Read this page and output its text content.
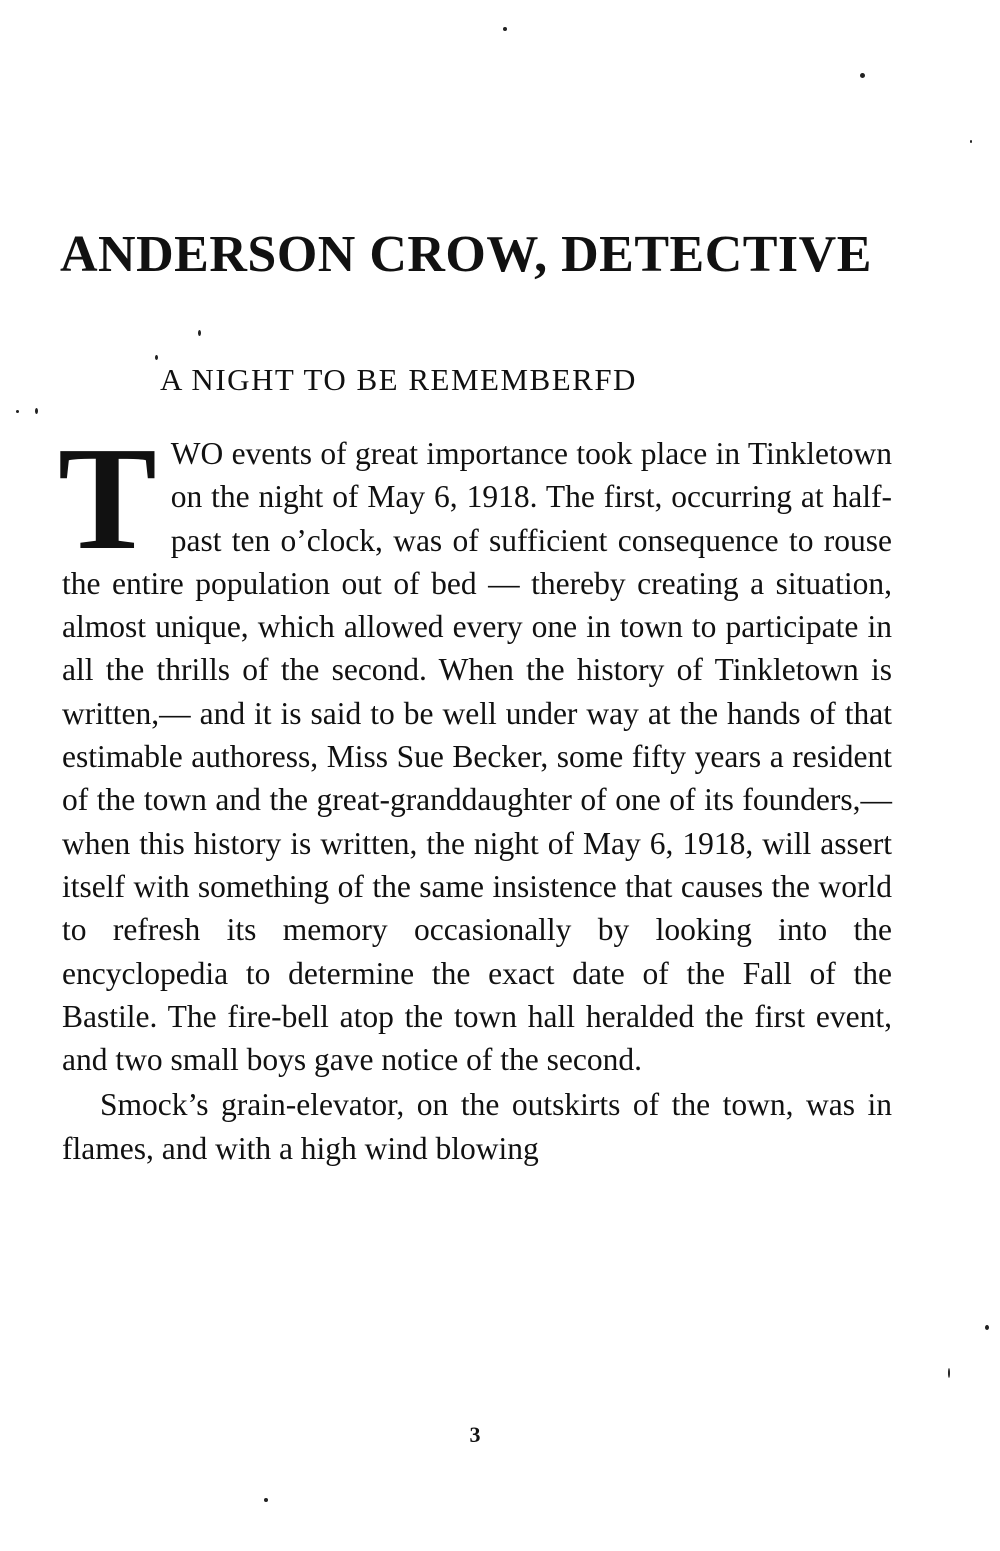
ANDERSON CROW, DETECTIVE
A NIGHT TO BE REMEMBERFD

TWO events of great importance took place in Tinkletown on the night of May 6, 1918. The first, occurring at half-past ten o’clock, was of sufficient consequence to rouse the entire population out of bed — thereby creating a situation, almost unique, which allowed every one in town to participate in all the thrills of the second. When the history of Tinkletown is written,— and it is said to be well under way at the hands of that estimable authoress, Miss Sue Becker, some fifty years a resident of the town and the great-granddaughter of one of its founders,— when this history is written, the night of May 6, 1918, will assert itself with something of the same insistence that causes the world to refresh its memory occasionally by looking into the encyclopedia to determine the exact date of the Fall of the Bastile. The fire-bell atop the town hall heralded the first event, and two small boys gave notice of the second.

Smock’s grain-elevator, on the outskirts of the town, was in flames, and with a high wind blowing

3
